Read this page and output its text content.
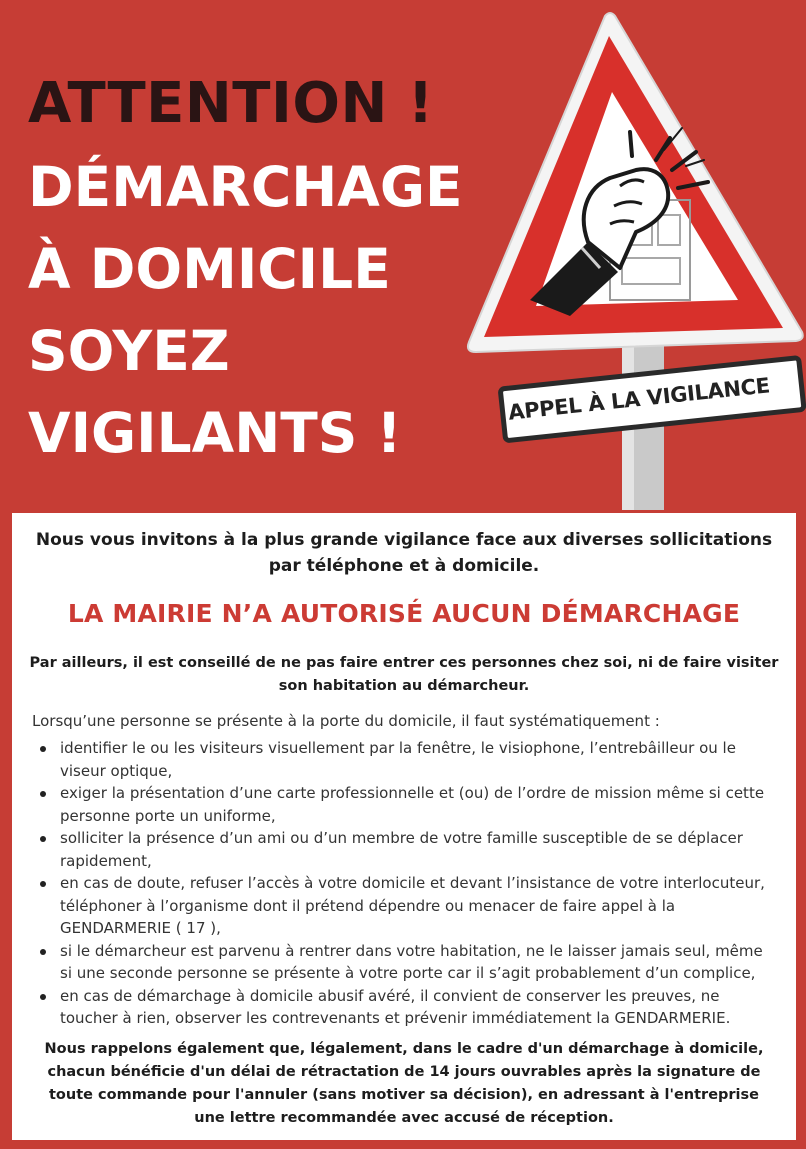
ATTENTION !
DÉMARCHAGE
À DOMICILE
SOYEZ
VIGILANTS !
APPEL À LA VIGILANCE

Nous vous invitons à la plus grande vigilance face aux diverses sollicitations
par téléphone et à domicile.

LA MAIRIE N’A AUTORISÉ AUCUN DÉMARCHAGE

Par ailleurs, il est conseillé de ne pas faire entrer ces personnes chez soi, ni de faire visiter
son habitation au démarcheur.

Lorsqu’une personne se présente à la porte du domicile, il faut systématiquement :

identifier le ou les visiteurs visuellement par la fenêtre, le visiophone, l’entrebâilleur ou le
viseur optique,
exiger la présentation d’une carte professionnelle et (ou) de l’ordre de mission même si cette
personne porte un uniforme,
solliciter la présence d’un ami ou d’un membre de votre famille susceptible de se déplacer
rapidement,
en cas de doute, refuser l’accès à votre domicile et devant l’insistance de votre interlocuteur,
téléphoner à l’organisme dont il prétend dépendre ou menacer de faire appel à la
GENDARMERIE ( 17 ),
si le démarcheur est parvenu à rentrer dans votre habitation, ne le laisser jamais seul, même
si une seconde personne se présente à votre porte car il s’agit probablement d’un complice,
en cas de démarchage à domicile abusif avéré, il convient de conserver les preuves, ne
toucher à rien, observer les contrevenants et prévenir immédiatement la GENDARMERIE.

Nous rappelons également que, légalement, dans le cadre d'un démarchage à domicile,
chacun bénéficie d'un délai de rétractation de 14 jours ouvrables après la signature de
toute commande pour l'annuler (sans motiver sa décision), en adressant à l'entreprise
une lettre recommandée avec accusé de réception.
